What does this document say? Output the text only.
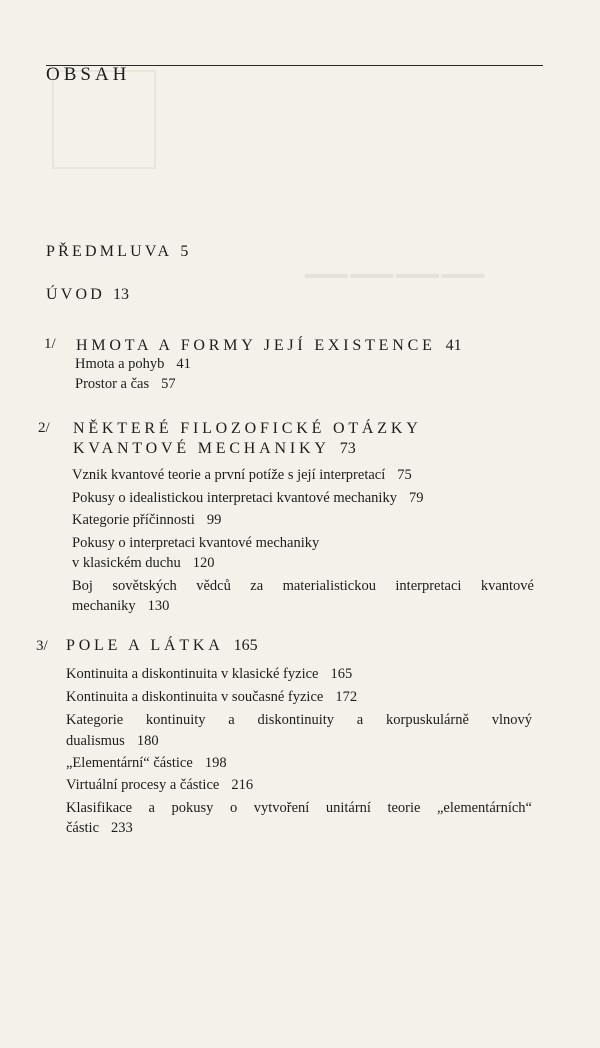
────
OBSAH
PŘEDMLUVA 5
ÚVOD 13
1/ HMOTA A FORMY JEJÍ EXISTENCE 41
Hmota a pohyb 41
Prostor a čas 57
2/ NĚKTERÉ FILOZOFICKÉ OTÁZKY
KVANTOVÉ MECHANIKY 73
Vznik kvantové teorie a první potíže s její interpretací 75
Pokusy o idealistickou interpretaci kvantové mechaniky 79
Kategorie příčinnosti 99
Pokusy o interpretaci kvantové mechaniky
v klasickém duchu 120
Boj sovětských vědců za materialistickou interpretaci kvantové
mechaniky 130
3/ POLE A LÁTKA 165
Kontinuita a diskontinuita v klasické fyzice 165
Kontinuita a diskontinuita v současné fyzice 172
Kategorie kontinuity a diskontinuity a korpuskulárně vlnový
dualismus 180
„Elementární“ částice 198
Virtuální procesy a částice 216
Klasifikace a pokusy o vytvoření unitární teorie „elementárních“
částic 233
